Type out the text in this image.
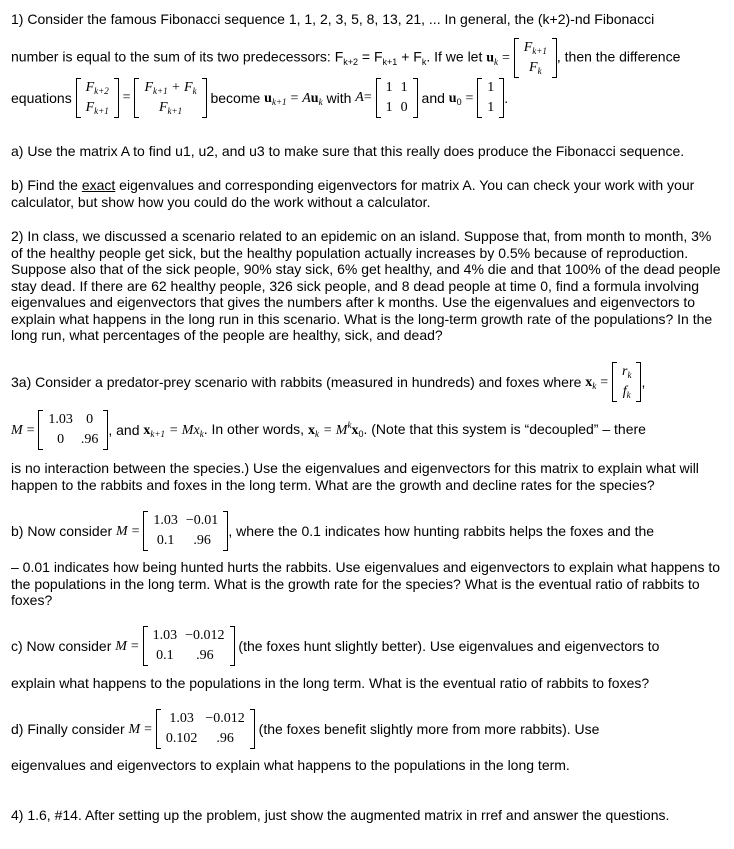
1) Consider the famous Fibonacci sequence 1, 1, 2, 3, 5, 8, 13, 21, ... In general, the (k+2)-nd Fibonacci
number is equal to the sum of its two predecessors: $F_{k+2} = F_{k+1} + F_k$. If we let $u_k$ =
$F_{k+1}$
$F_k$
, then the difference
equations
$F_{k+2}$
$F_{k+1}$
=
$F_{k+1} + F_k$
$F_{k+1}$
become $u_{k+1} = Au_k$ with A=
1	1
1	0
and $u_0$ =
1
1
.
a) Use the matrix A to find u1, u2, and u3 to make sure that this really does produce the Fibonacci sequence.
b) Find the exact eigenvalues and corresponding eigenvectors for matrix A. You can check your work with your calculator, but show how you could do the work without a calculator.
2) In class, we discussed a scenario related to an epidemic on an island. Suppose that, from month to month, 3% of the healthy people get sick, but the healthy population actually increases by 0.5% because of reproduction. Suppose also that of the sick people, 90% stay sick, 6% get healthy, and 4% die and that 100% of the dead people stay dead. If there are 62 healthy people, 326 sick people, and 8 dead people at time 0, find a formula involving eigenvalues and eigenvectors that gives the numbers after k months. Use the eigenvalues and eigenvectors to explain what happens in the long run in this scenario. What is the long-term growth rate of the populations? In the long run, what percentages of the people are healthy, sick, and dead?
3a) Consider a predator-prey scenario with rabbits (measured in hundreds) and foxes where $x_k$ =
$r_k$
$f_k$
,
M =
1.03	0
0	.96
, and $x_{k+1} = Mx_k$. In other words, $x_k = M^kx_0$. (Note that this system is “decoupled” – there
is no interaction between the species.) Use the eigenvalues and eigenvectors for this matrix to explain what will happen to the rabbits and foxes in the long term. What are the growth and decline rates for the species?
b) Now consider M =
1.03	−0.01
0.1	.96
, where the 0.1 indicates how hunting rabbits helps the foxes and the
– 0.01 indicates how being hunted hurts the rabbits. Use eigenvalues and eigenvectors to explain what happens to the populations in the long term. What is the growth rate for the species? What is the eventual ratio of rabbits to foxes?
c) Now consider M =
1.03	−0.012
0.1	.96
(the foxes hunt slightly better). Use eigenvalues and eigenvectors to
explain what happens to the populations in the long term. What is the eventual ratio of rabbits to foxes?
d) Finally consider M =
1.03	−0.012
0.102	.96
(the foxes benefit slightly more from more rabbits). Use
eigenvalues and eigenvectors to explain what happens to the populations in the long term.
4) 1.6, #14. After setting up the problem, just show the augmented matrix in rref and answer the questions.
